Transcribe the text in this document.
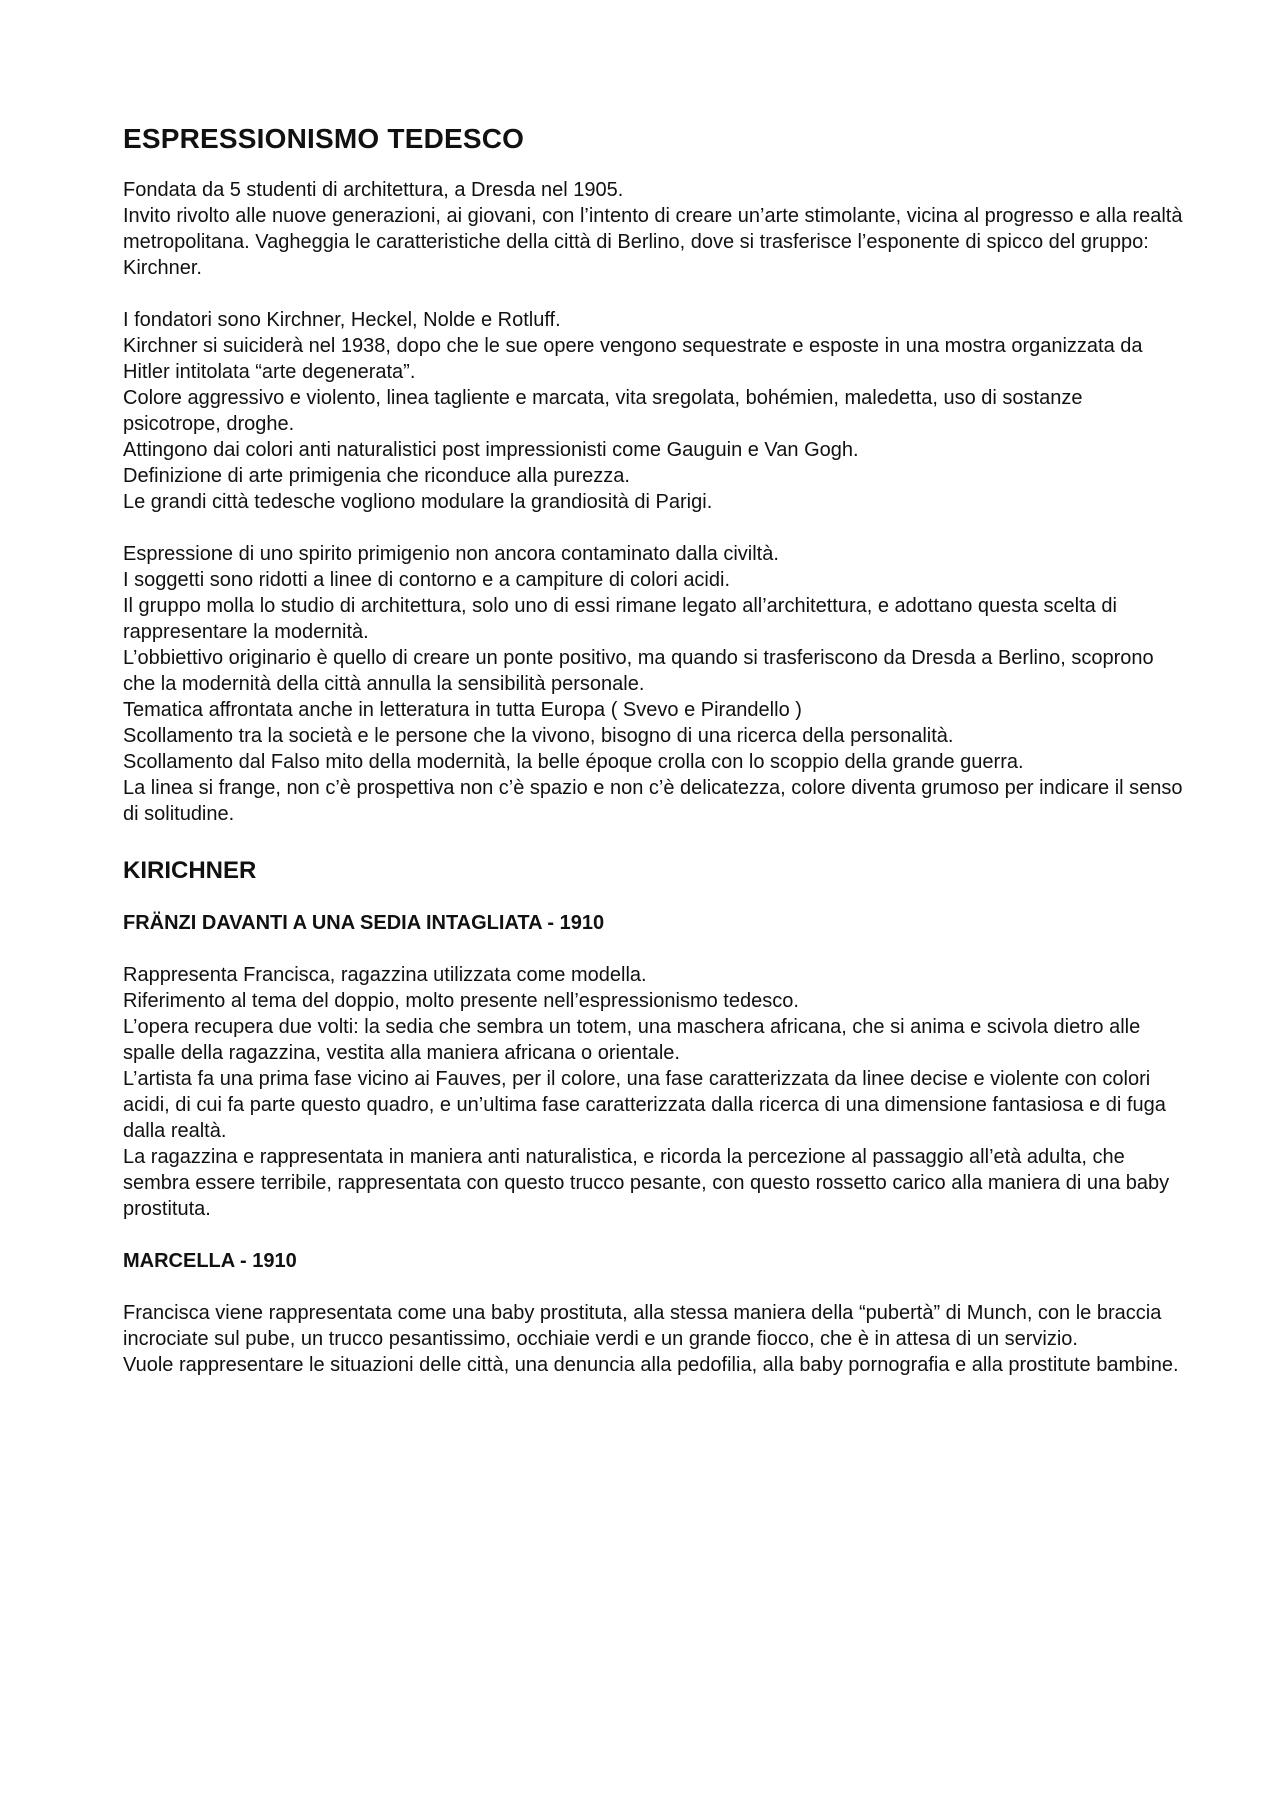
ESPRESSIONISMO TEDESCO

Fondata da 5 studenti di architettura, a Dresda nel 1905.

Invito rivolto alle nuove generazioni, ai giovani, con l’intento di creare un’arte stimolante, vicina al progresso e alla realtà metropolitana. Vagheggia le caratteristiche della città di Berlino, dove si trasferisce l’esponente di spicco del gruppo: Kirchner.

I fondatori sono Kirchner, Heckel, Nolde e Rotluff.

Kirchner si suiciderà nel 1938, dopo che le sue opere vengono sequestrate e esposte in una mostra organizzata da Hitler intitolata “arte degenerata”.

Colore aggressivo e violento, linea tagliente e marcata, vita sregolata, bohémien, maledetta, uso di sostanze psicotrope, droghe.

Attingono dai colori anti naturalistici post impressionisti come Gauguin e Van Gogh.

Definizione di arte primigenia che riconduce alla purezza.

Le grandi città tedesche vogliono modulare la grandiosità di Parigi.

Espressione di uno spirito primigenio non ancora contaminato dalla civiltà.

I soggetti sono ridotti a linee di contorno e a campiture di colori acidi.

Il gruppo molla lo studio di architettura, solo uno di essi rimane legato all’architettura, e adottano questa scelta di rappresentare la modernità.

L’obbiettivo originario è quello di creare un ponte positivo, ma quando si trasferiscono da Dresda a Berlino, scoprono che la modernità della città annulla la sensibilità personale.

Tematica affrontata anche in letteratura in tutta Europa ( Svevo e Pirandello )

Scollamento tra la società e le persone che la vivono, bisogno di una ricerca della personalità.

Scollamento dal Falso mito della modernità, la belle époque crolla con lo scoppio della grande guerra.

La linea si frange, non c’è prospettiva non c’è spazio e non c’è delicatezza, colore diventa grumoso per indicare il senso di solitudine.

KIRICHNER
FRÄNZI DAVANTI A UNA SEDIA INTAGLIATA - 1910

Rappresenta Francisca, ragazzina utilizzata come modella.

Riferimento al tema del doppio, molto presente nell’espressionismo tedesco.

L’opera recupera due volti: la sedia che sembra un totem, una maschera africana, che si anima e scivola dietro alle spalle della ragazzina, vestita alla maniera africana o orientale.

L’artista fa una prima fase vicino ai Fauves, per il colore, una fase caratterizzata da linee decise e violente con colori acidi, di cui fa parte questo quadro, e un’ultima fase caratterizzata dalla ricerca di una dimensione fantasiosa e di fuga dalla realtà.

La ragazzina e rappresentata in maniera anti naturalistica, e ricorda la percezione al passaggio all’età adulta, che sembra essere terribile, rappresentata con questo trucco pesante, con questo rossetto carico alla maniera di una baby prostituta.

MARCELLA - 1910

Francisca viene rappresentata come una baby prostituta, alla stessa maniera della “pubertà” di Munch, con le braccia incrociate sul pube, un trucco pesantissimo, occhiaie verdi e un grande fiocco, che è in attesa di un servizio.

Vuole rappresentare le situazioni delle città, una denuncia alla pedofilia, alla baby pornografia e alla prostitute bambine.
